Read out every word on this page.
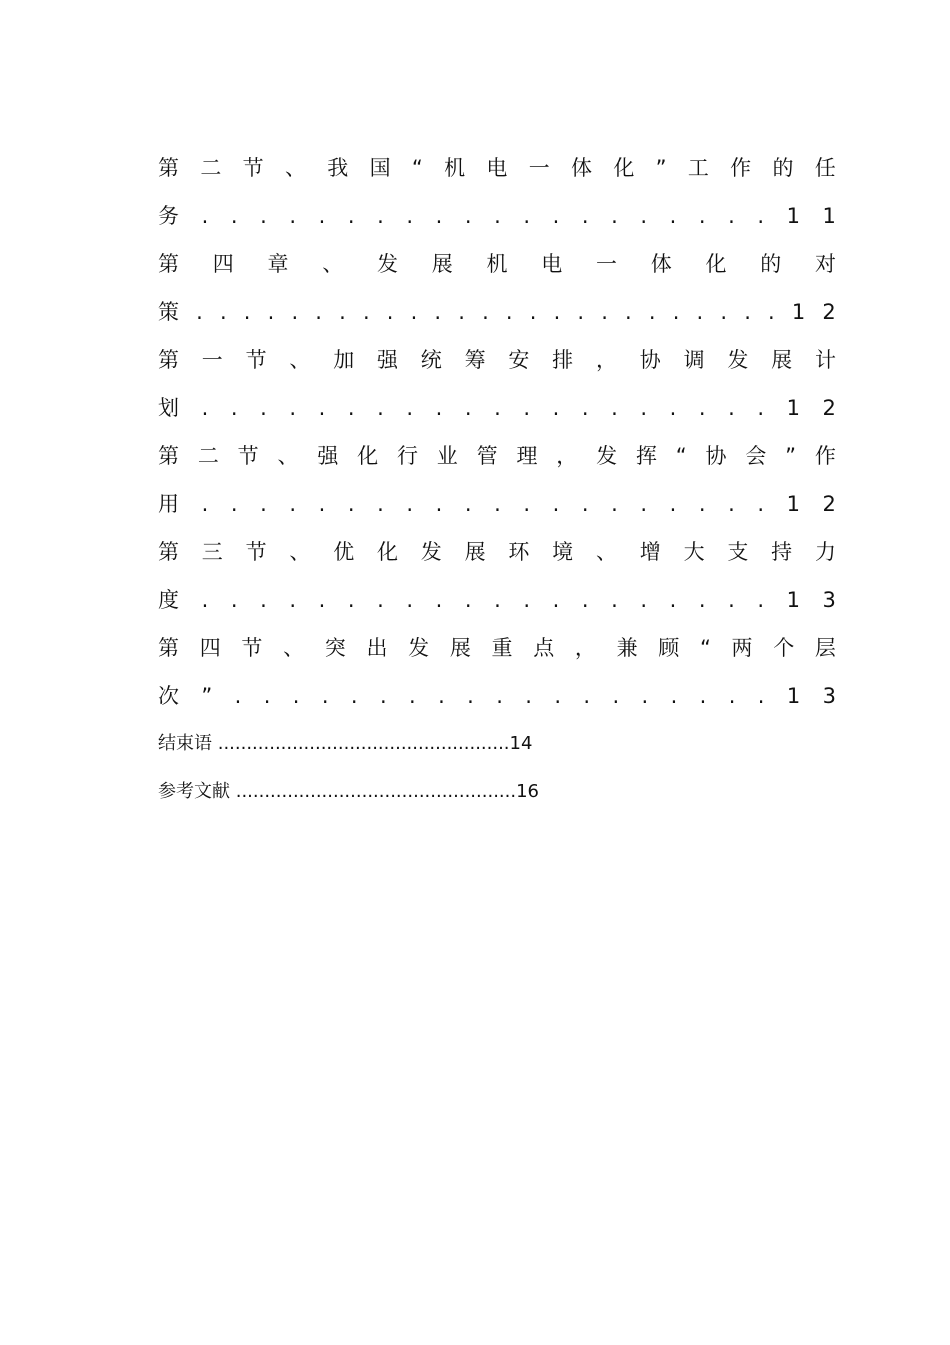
第 二 节 、 我 国 “ 机 电 一 体 化 ” 工 作 的 任
务 . . . . . . . . . . . . . . . . . . . . 1 1
第 四 章 、 发 展 机 电 一 体 化 的 对
策 . . . . . . . . . . . . . . . . . . . . . . . . . 1 2
第 一 节 、 加 强 统 筹 安 排 ， 协 调 发 展 计
划 . . . . . . . . . . . . . . . . . . . . 1 2
第 二 节 、 强 化 行 业 管 理 ， 发 挥 “ 协 会 ” 作
用 . . . . . . . . . . . . . . . . . . . . 1 2
第 三 节 、 优 化 发 展 环 境 、 增 大 支 持 力
度 . . . . . . . . . . . . . . . . . . . . 1 3
第 四 节 、 突 出 发 展 重 点 ， 兼 顾 “ 两 个 层
次 ” . . . . . . . . . . . . . . . . . . . 1 3
结束语 ...................................................14
参考文献 .................................................16
